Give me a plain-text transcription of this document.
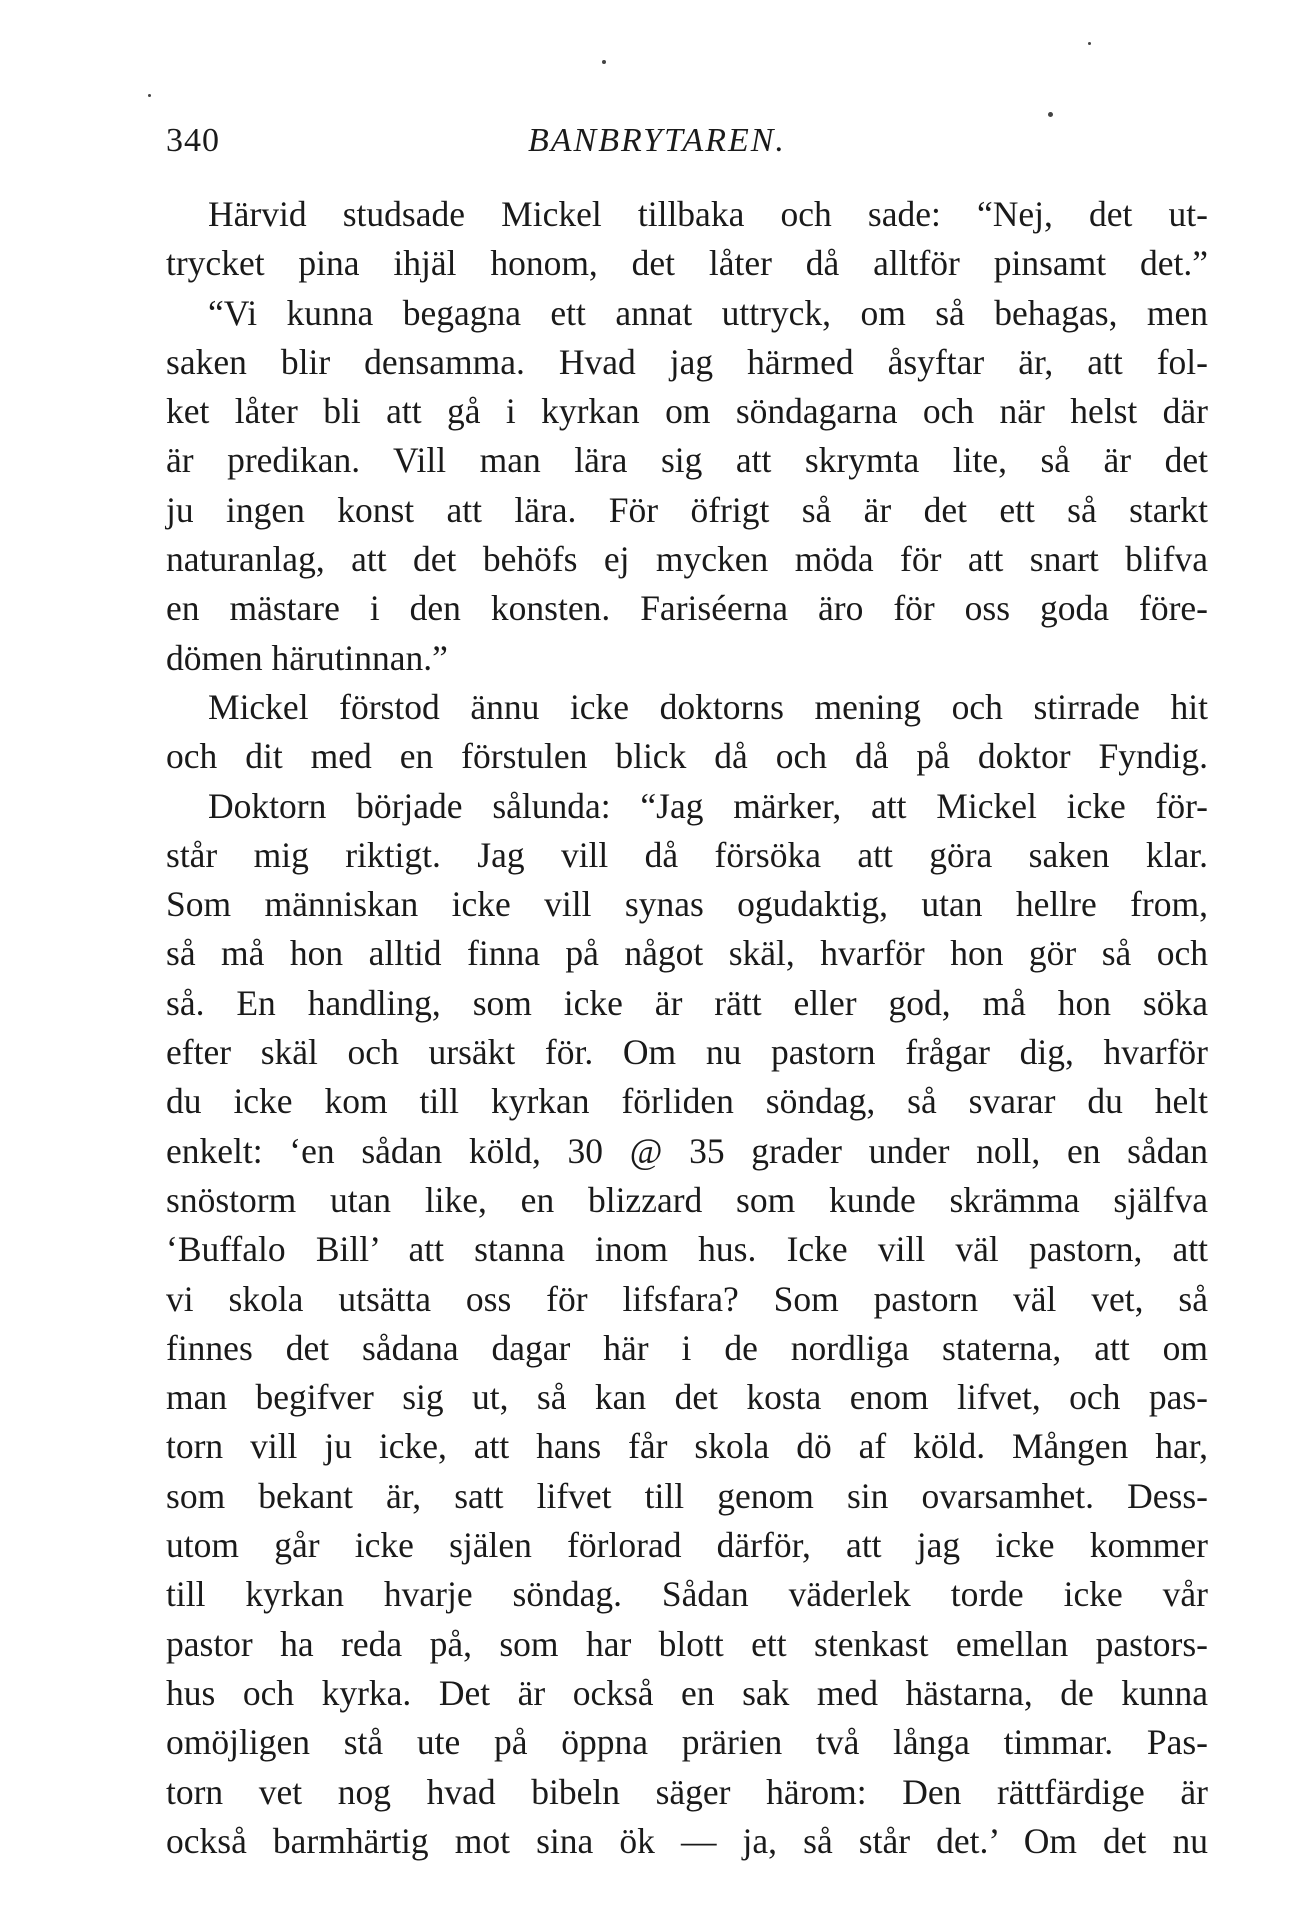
340	BANBRYTAREN.
Härvid studsade Mickel tillbaka och sade: “Nej, det ut-
trycket pina ihjäl honom, det låter då alltför pinsamt det.”
“Vi kunna begagna ett annat uttryck, om så behagas, men
saken blir densamma. Hvad jag härmed åsyftar är, att fol-
ket låter bli att gå i kyrkan om söndagarna och när helst där
är predikan. Vill man lära sig att skrymta lite, så är det
ju ingen konst att lära. För öfrigt så är det ett så starkt
naturanlag, att det behöfs ej mycken möda för att snart blifva
en mästare i den konsten. Fariséerna äro för oss goda före-
dömen härutinnan.”
Mickel förstod ännu icke doktorns mening och stirrade hit
och dit med en förstulen blick då och då på doktor Fyndig.
Doktorn började sålunda: “Jag märker, att Mickel icke för-
står mig riktigt. Jag vill då försöka att göra saken klar.
Som människan icke vill synas ogudaktig, utan hellre from,
så må hon alltid finna på något skäl, hvarför hon gör så och
så. En handling, som icke är rätt eller god, må hon söka
efter skäl och ursäkt för. Om nu pastorn frågar dig, hvarför
du icke kom till kyrkan förliden söndag, så svarar du helt
enkelt: ‘en sådan köld, 30 @ 35 grader under noll, en sådan
snöstorm utan like, en blizzard som kunde skrämma själfva
‘Buffalo Bill’ att stanna inom hus. Icke vill väl pastorn, att
vi skola utsätta oss för lifsfara? Som pastorn väl vet, så
finnes det sådana dagar här i de nordliga staterna, att om
man begifver sig ut, så kan det kosta enom lifvet, och pas-
torn vill ju icke, att hans får skola dö af köld. Mången har,
som bekant är, satt lifvet till genom sin ovarsamhet. Dess-
utom går icke själen förlorad därför, att jag icke kommer
till kyrkan hvarje söndag. Sådan väderlek torde icke vår
pastor ha reda på, som har blott ett stenkast emellan pastors-
hus och kyrka. Det är också en sak med hästarna, de kunna
omöjligen stå ute på öppna prärien två långa timmar. Pas-
torn vet nog hvad bibeln säger härom: Den rättfärdige är
också barmhärtig mot sina ök — ja, så står det.’ Om det nu
